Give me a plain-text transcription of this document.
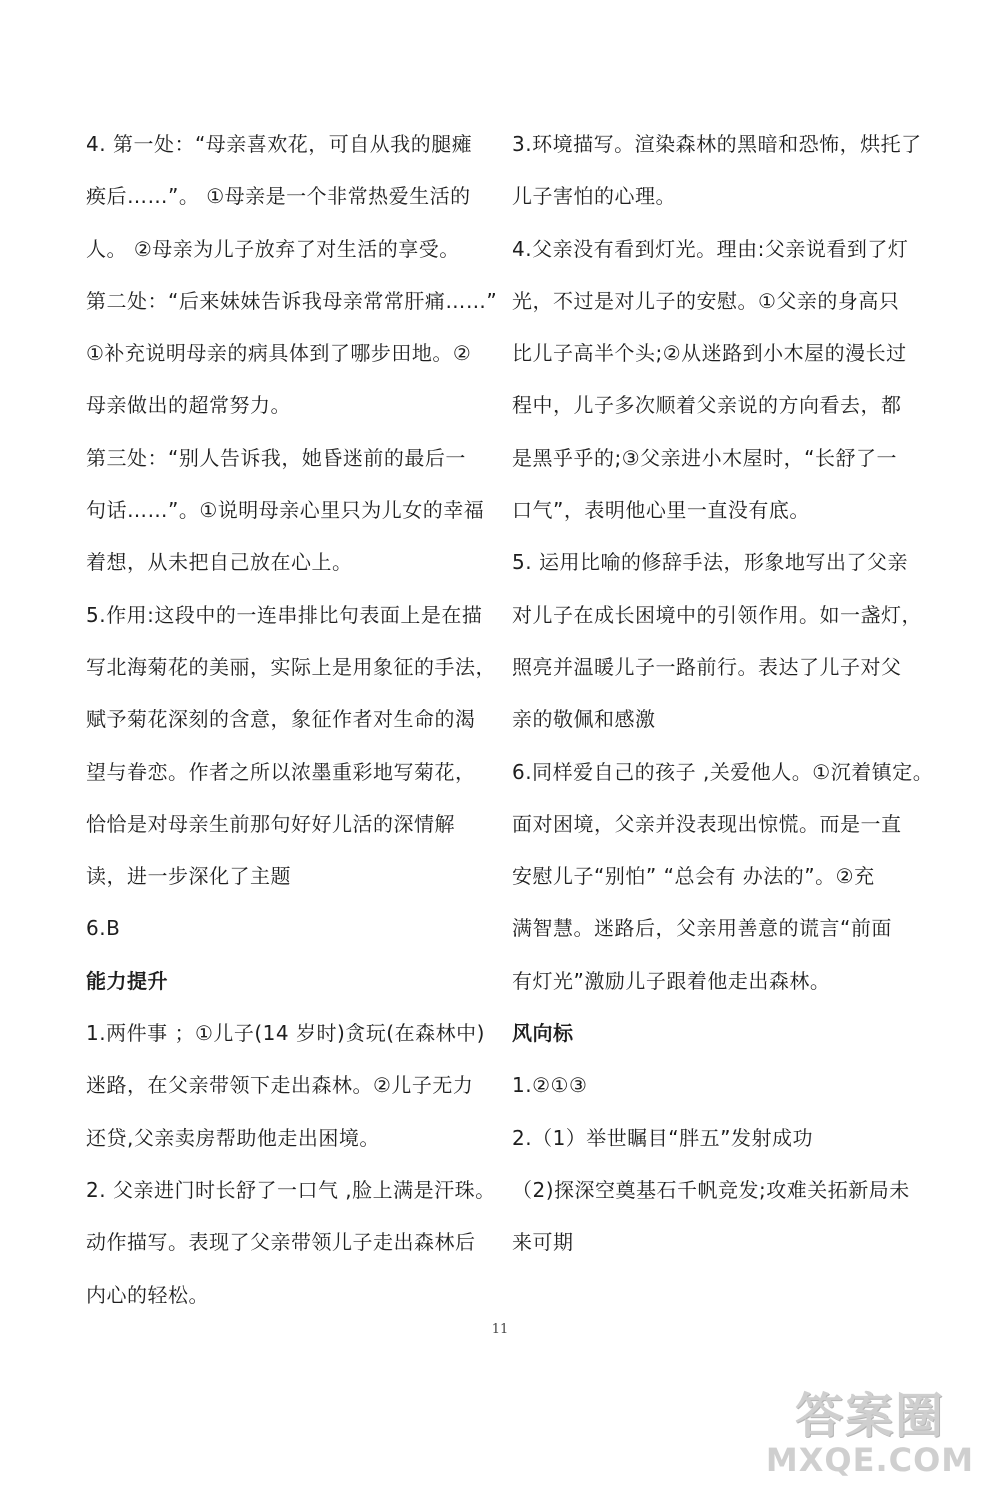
4. 第一处：“母亲喜欢花，可自从我的腿瘫
痪后……”。 ①母亲是一个非常热爱生活的
人。 ②母亲为儿子放弃了对生活的享受。
第二处：“后来妹妹告诉我母亲常常肝痛……”
①补充说明母亲的病具体到了哪步田地。②
母亲做出的超常努力。
第三处：“别人告诉我，她昏迷前的最后一
句话……”。①说明母亲心里只为儿女的幸福
着想，从未把自己放在心上。
5.作用:这段中的一连串排比句表面上是在描
写北海菊花的美丽，实际上是用象征的手法，
赋予菊花深刻的含意，象征作者对生命的渴
望与眷恋。作者之所以浓墨重彩地写菊花，
恰恰是对母亲生前那句好好儿活的深情解
读，进一步深化了主题
6.B
能力提升
1.两件事 ；①儿子(14 岁时)贪玩(在森林中)
迷路，在父亲带领下走出森林。②儿子无力
还贷,父亲卖房帮助他走出困境。
2. 父亲进门时长舒了一口气 ,脸上满是汗珠。
动作描写。表现了父亲带领儿子走出森林后
内心的轻松。
3.环境描写。渲染森林的黑暗和恐怖，烘托了
儿子害怕的心理。
4.父亲没有看到灯光。理由:父亲说看到了灯
光，不过是对儿子的安慰。①父亲的身高只
比儿子高半个头;②从迷路到小木屋的漫长过
程中，儿子多次顺着父亲说的方向看去，都
是黑乎乎的;③父亲进小木屋时，“长舒了一
口气”，表明他心里一直没有底。
5. 运用比喻的修辞手法，形象地写出了父亲
对儿子在成长困境中的引领作用。如一盏灯，
照亮并温暖儿子一路前行。表达了儿子对父
亲的敬佩和感激
6.同样爱自己的孩子 ,关爱他人。①沉着镇定。
面对困境，父亲并没表现出惊慌。而是一直
安慰儿子“别怕” “总会有 办法的”。②充
满智慧。迷路后，父亲用善意的谎言“前面
有灯光”激励儿子跟着他走出森林。
风向标
1.②①③
2.（1）举世瞩目“胖五”发射成功
（2)探深空奠基石千帆竞发;攻难关拓新局未
来可期
11
答案圈
MXQE.COM
